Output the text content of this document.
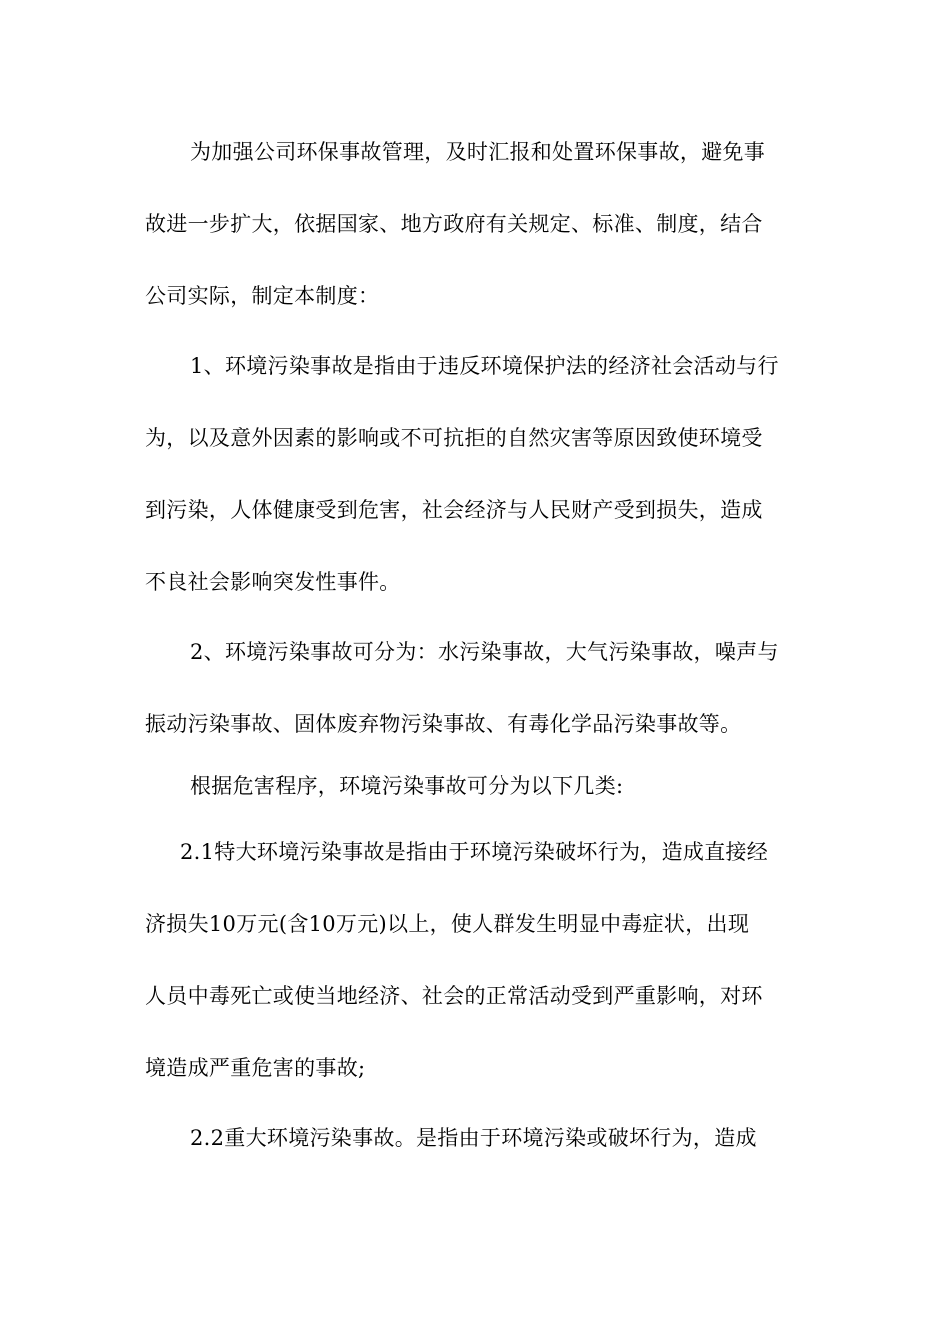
为加强公司环保事故管理，及时汇报和处置环保事故，避免事
故进一步扩大，依据国家、地方政府有关规定、标准、制度，结合
公司实际，制定本制度：
1、环境污染事故是指由于违反环境保护法的经济社会活动与行
为，以及意外因素的影响或不可抗拒的自然灾害等原因致使环境受
到污染，人体健康受到危害，社会经济与人民财产受到损失，造成
不良社会影响突发性事件。
2、环境污染事故可分为：水污染事故，大气污染事故，噪声与
振动污染事故、固体废弃物污染事故、有毒化学品污染事故等。
根据危害程序，环境污染事故可分为以下几类:
2.1特大环境污染事故是指由于环境污染破坏行为，造成直接经
济损失10万元(含10万元)以上，使人群发生明显中毒症状，出现
人员中毒死亡或使当地经济、社会的正常活动受到严重影响，对环
境造成严重危害的事故;
2.2重大环境污染事故。是指由于环境污染或破坏行为，造成
